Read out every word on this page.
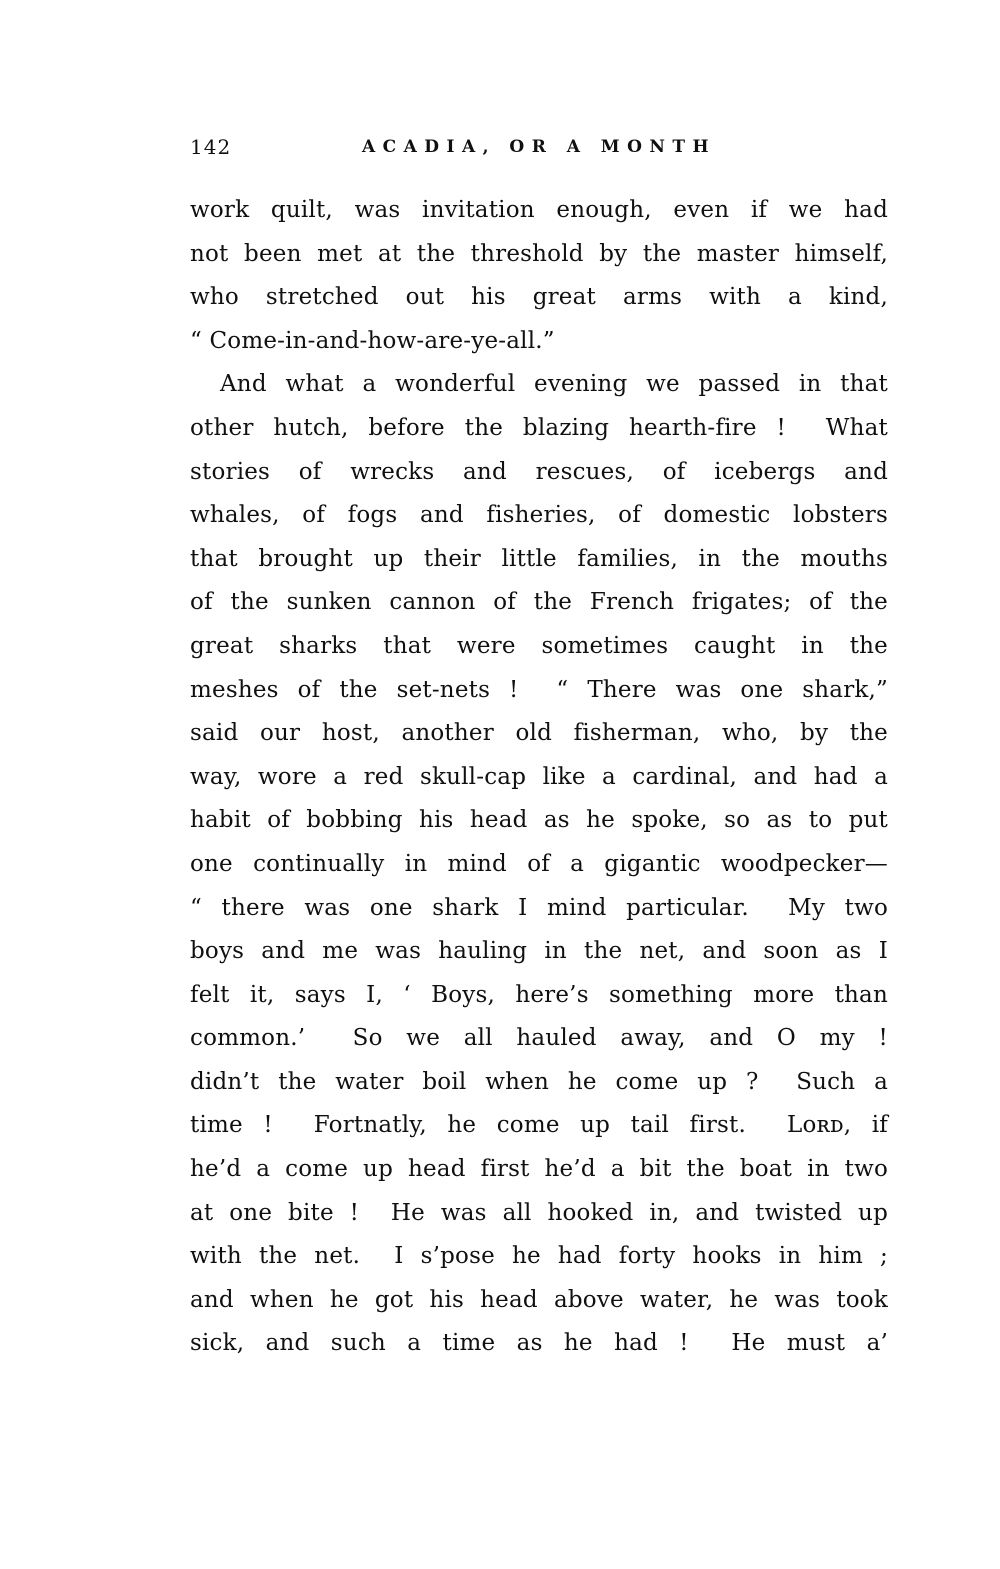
142	ACADIA, OR A MONTH
work quilt, was invitation enough, even if we had
not been met at the threshold by the master himself,
who stretched out his great arms with a kind,
“ Come-in-and-how-are-ye-all.”
And what a wonderful evening we passed in that
other hutch, before the blazing hearth-fire !  What
stories of wrecks and rescues, of icebergs and
whales, of fogs and fisheries, of domestic lobsters
that brought up their little families, in the mouths
of the sunken cannon of the French frigates; of the
great sharks that were sometimes caught in the
meshes of the set-nets !  “ There was one shark,”
said our host, another old fisherman, who, by the
way, wore a red skull-cap like a cardinal, and had a
habit of bobbing his head as he spoke, so as to put
one continually in mind of a gigantic woodpecker—
“ there was one shark I mind particular.  My two
boys and me was hauling in the net, and soon as I
felt it, says I, ‘ Boys, here’s something more than
common.’  So we all hauled away, and O my !
didn’t the water boil when he come up ?  Such a
time !  Fortnatly, he come up tail first.  Lᴏʀᴅ, if
he’d a come up head first he’d a bit the boat in two
at one bite !  He was all hooked in, and twisted up
with the net.  I s’pose he had forty hooks in him ;
and when he got his head above water, he was took
sick, and such a time as he had !  He must a’
